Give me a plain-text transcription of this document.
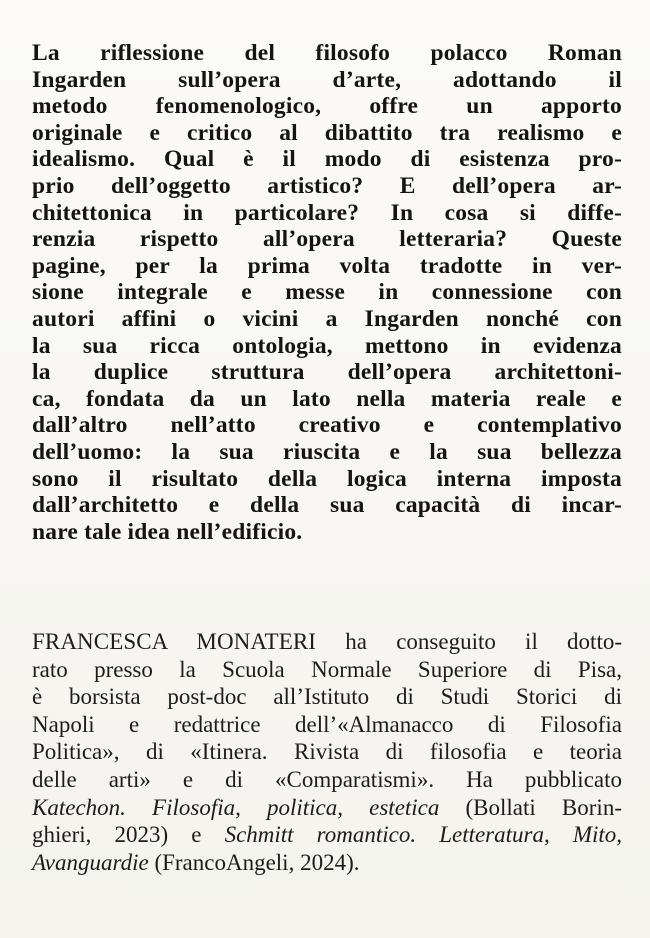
La riflessione del filosofo polacco Roman
Ingarden sull’opera d’arte, adottando il
metodo fenomenologico, offre un apporto
originale e critico al dibattito tra realismo e
idealismo. Qual è il modo di esistenza pro-
prio dell’oggetto artistico? E dell’opera ar-
chitettonica in particolare? In cosa si diffe-
renzia rispetto all’opera letteraria? Queste
pagine, per la prima volta tradotte in ver-
sione integrale e messe in connessione con
autori affini o vicini a Ingarden nonché con
la sua ricca ontologia, mettono in evidenza
la duplice struttura dell’opera architettoni-
ca, fondata da un lato nella materia reale e
dall’altro nell’atto creativo e contemplativo
dell’uomo: la sua riuscita e la sua bellezza
sono il risultato della logica interna imposta
dall’architetto e della sua capacità di incar-
nare tale idea nell’edificio.
FRANCESCA MONATERI ha conseguito il dotto-
rato presso la Scuola Normale Superiore di Pisa,
è borsista post-doc all’Istituto di Studi Storici di
Napoli e redattrice dell’«Almanacco di Filosofia
Politica», di «Itinera. Rivista di filosofia e teoria
delle arti» e di «Comparatismi». Ha pubblicato
Katechon. Filosofia, politica, estetica (Bollati Borin-
ghieri, 2023) e Schmitt romantico. Letteratura, Mito,
Avanguardie (FrancoAngeli, 2024).
